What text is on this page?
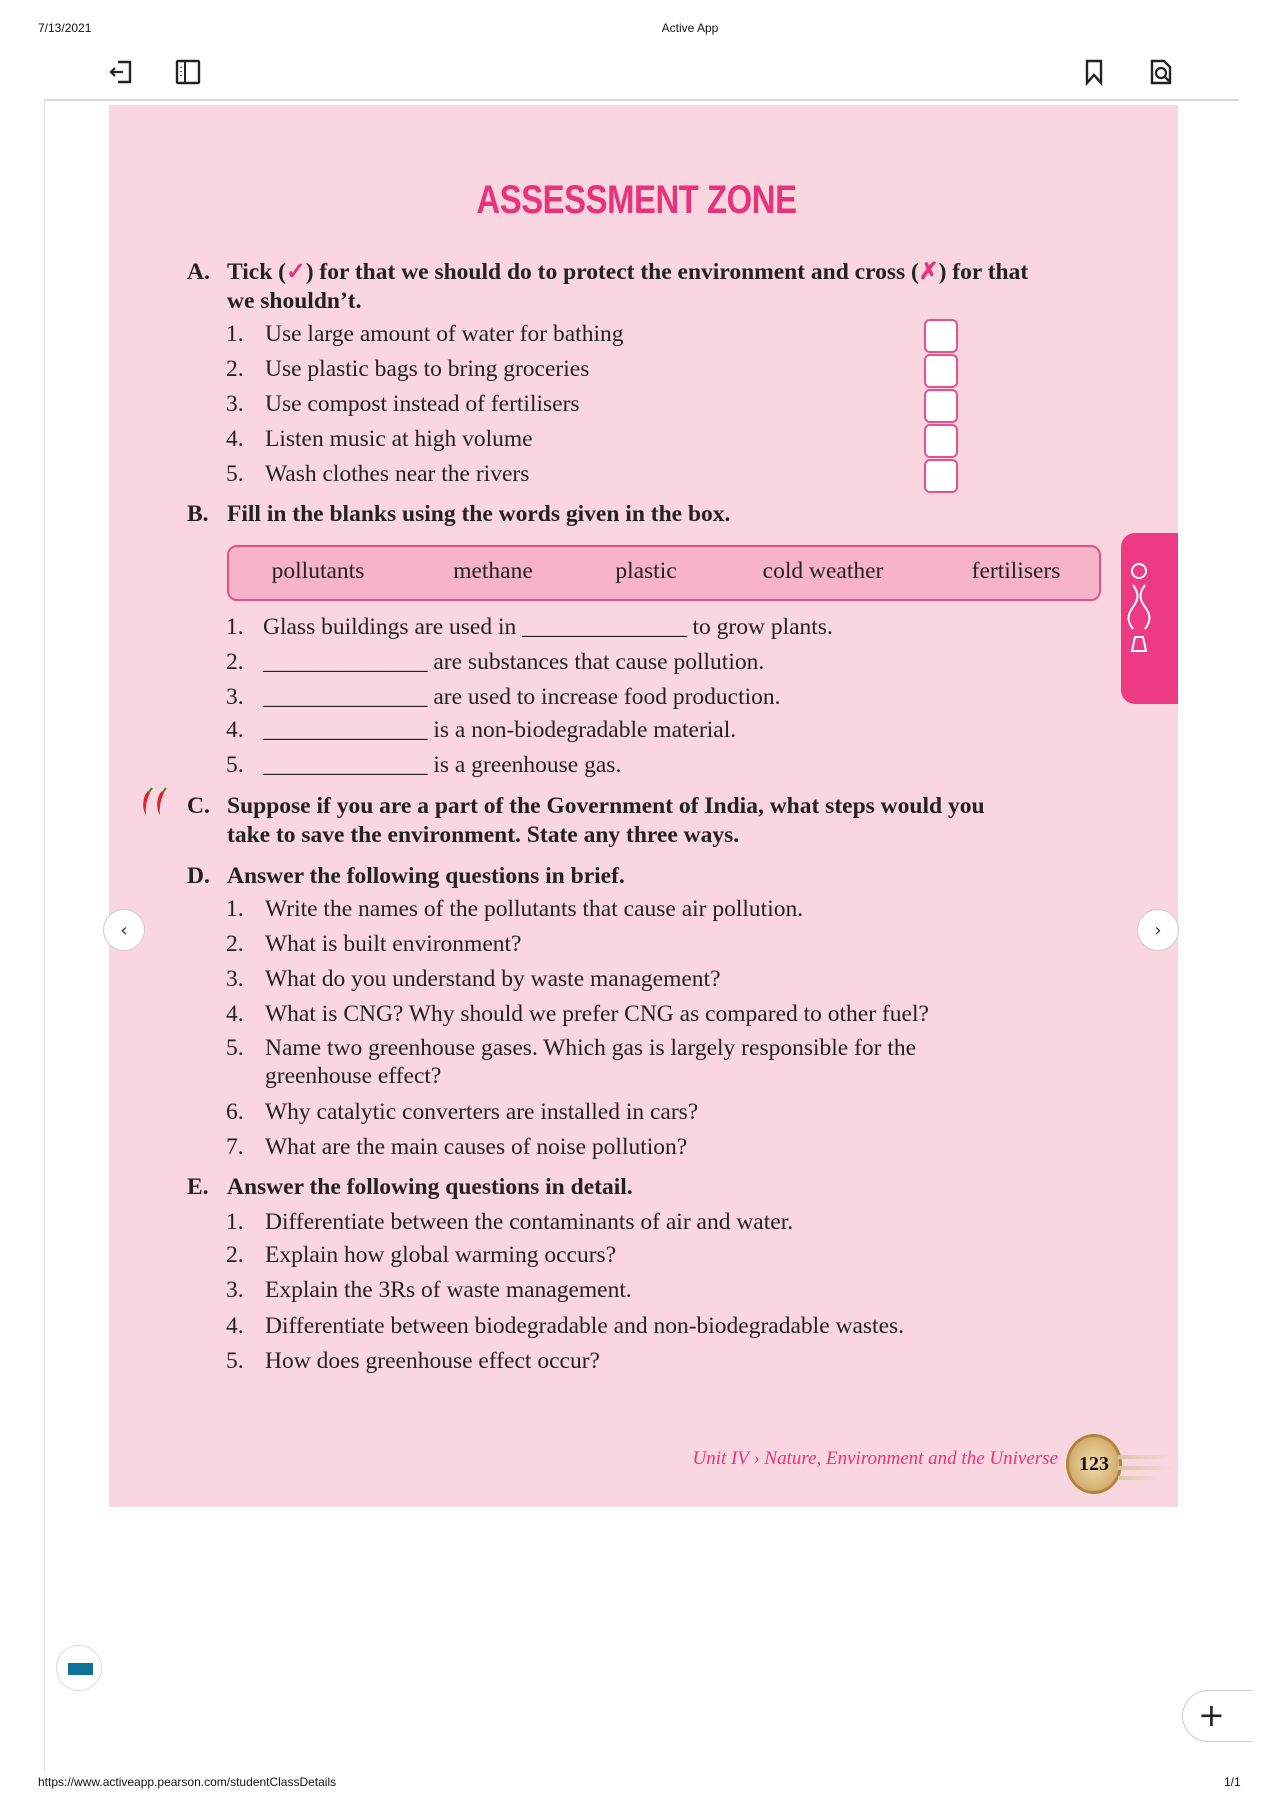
7/13/2021	Active App
ASSESSMENT ZONE
Tick (✓) for that we should do to protect the environment and cross (✗) for that
A.
we shouldn’t.
1. Use large amount of water for bathing
2. Use plastic bags to bring groceries
3. Use compost instead of fertilisers
4. Listen music at high volume
5. Wash clothes near the rivers
B. Fill in the blanks using the words given in the box.
1. Glass buildings are used in ______________ to grow plants.
2. ______________ are substances that cause pollution.
3. ______________ are used to increase food production.
4. ______________ is a non-biodegradable material.
5. ______________ is a greenhouse gas.
C. Suppose if you are a part of the Government of India, what steps would you
take to save the environment. State any three ways.
D. Answer the following questions in brief.
1. Write the names of the pollutants that cause air pollution.
2. What is built environment?
3. What do you understand by waste management?
4. What is CNG? Why should we prefer CNG as compared to other fuel?
5. Name two greenhouse gases. Which gas is largely responsible for the
greenhouse effect?
6. Why catalytic converters are installed in cars?
7. What are the main causes of noise pollution?
E. Answer the following questions in detail.
1. Differentiate between the contaminants of air and water.
2. Explain how global warming occurs?
3. Explain the 3Rs of waste management.
4. Differentiate between biodegradable and non-biodegradable wastes.
5. How does greenhouse effect occur?
pollutants	methane	plastic	cold weather	fertilisers
‹	›
Unit IV › Nature, Environment and the Universe	123
+
https://www.activeapp.pearson.com/studentClassDetails	1/1
